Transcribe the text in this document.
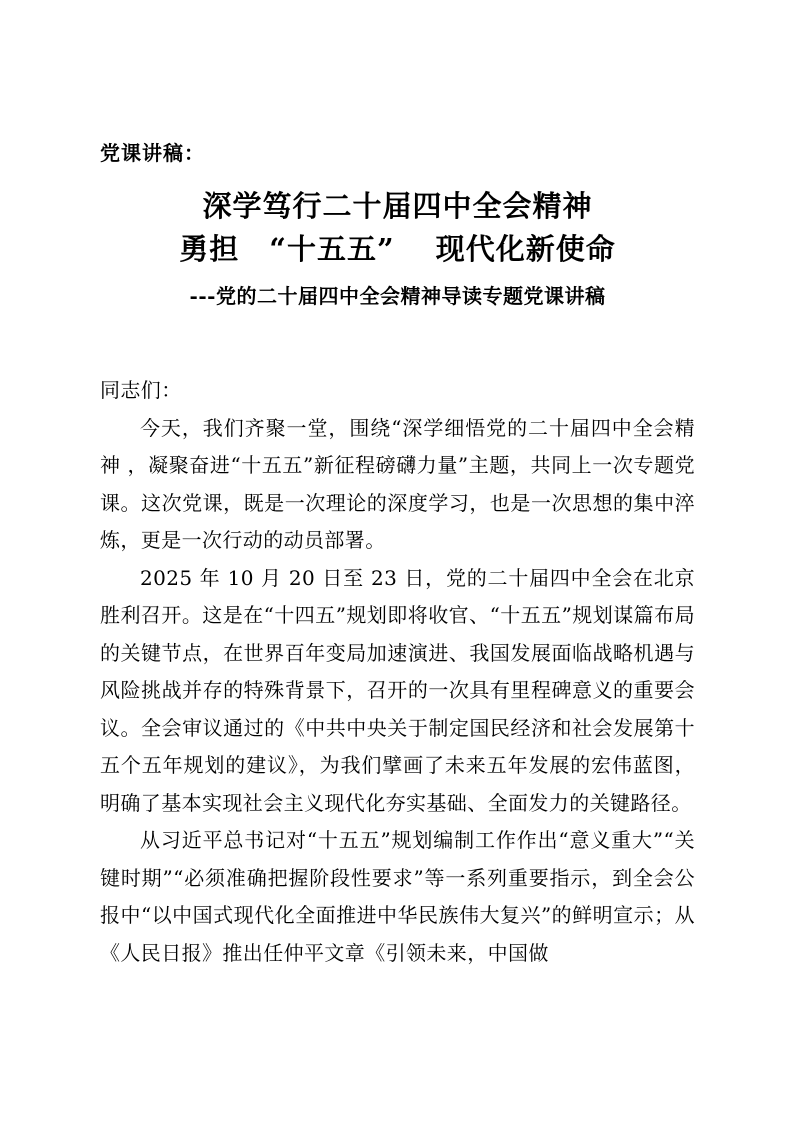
党课讲稿：
深学笃行二十届四中全会精神
勇担　“十五五”　 现代化新使命
---党的二十届四中全会精神导读专题党课讲稿

同志们：

今天，我们齐聚一堂，围绕“深学细悟党的二十届四中全会精神 ，凝聚奋进“十五五”新征程磅礴力量”主题，共同上一次专题党课。这次党课，既是一次理论的深度学习，也是一次思想的集中淬炼，更是一次行动的动员部署。

2025 年 10 月 20 日至 23 日，党的二十届四中全会在北京胜利召开。这是在“十四五”规划即将收官、“十五五”规划谋篇布局的关键节点，在世界百年变局加速演进、我国发展面临战略机遇与风险挑战并存的特殊背景下，召开的一次具有里程碑意义的重要会议。全会审议通过的《中共中央关于制定国民经济和社会发展第十五个五年规划的建议》，为我们擘画了未来五年发展的宏伟蓝图，明确了基本实现社会主义现代化夯实基础、全面发力的关键路径。

从习近平总书记对“十五五”规划编制工作作出“意义重大”“关键时期”“必须准确把握阶段性要求”等一系列重要指示，到全会公报中“以中国式现代化全面推进中华民族伟大复兴”的鲜明宣示；从《人民日报》推出任仲平文章《引领未来，中国做
